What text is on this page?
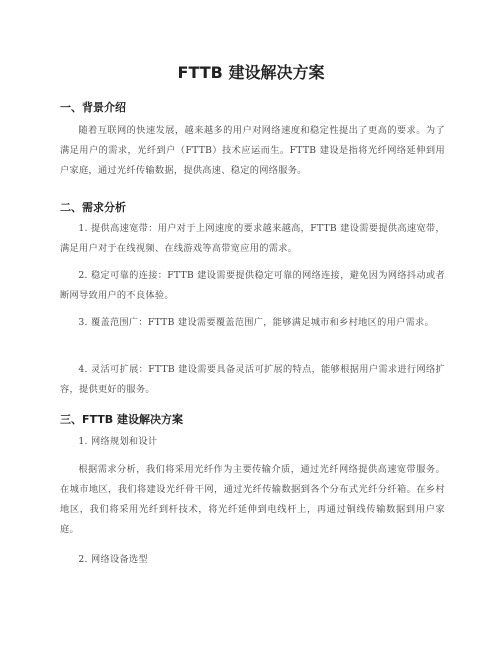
FTTB 建设解决方案
一、背景介绍
随着互联网的快速发展，越来越多的用户对网络速度和稳定性提出了更高的要求。为了满足用户的需求，光纤到户（FTTB）技术应运而生。FTTB 建设是指将光纤网络延伸到用户家庭，通过光纤传输数据，提供高速、稳定的网络服务。
二、需求分析
1. 提供高速宽带：用户对于上网速度的要求越来越高，FTTB 建设需要提供高速宽带，满足用户对于在线视频、在线游戏等高带宽应用的需求。
2. 稳定可靠的连接：FTTB 建设需要提供稳定可靠的网络连接，避免因为网络抖动或者断网导致用户的不良体验。
3. 覆盖范围广：FTTB 建设需要覆盖范围广，能够满足城市和乡村地区的用户需求。
4. 灵活可扩展：FTTB 建设需要具备灵活可扩展的特点，能够根据用户需求进行网络扩容，提供更好的服务。
三、FTTB 建设解决方案
1. 网络规划和设计
根据需求分析，我们将采用光纤作为主要传输介质，通过光纤网络提供高速宽带服务。在城市地区，我们将建设光纤骨干网，通过光纤传输数据到各个分布式光纤分纤箱。在乡村地区，我们将采用光纤到杆技术，将光纤延伸到电线杆上，再通过铜线传输数据到用户家庭。
2. 网络设备选型
